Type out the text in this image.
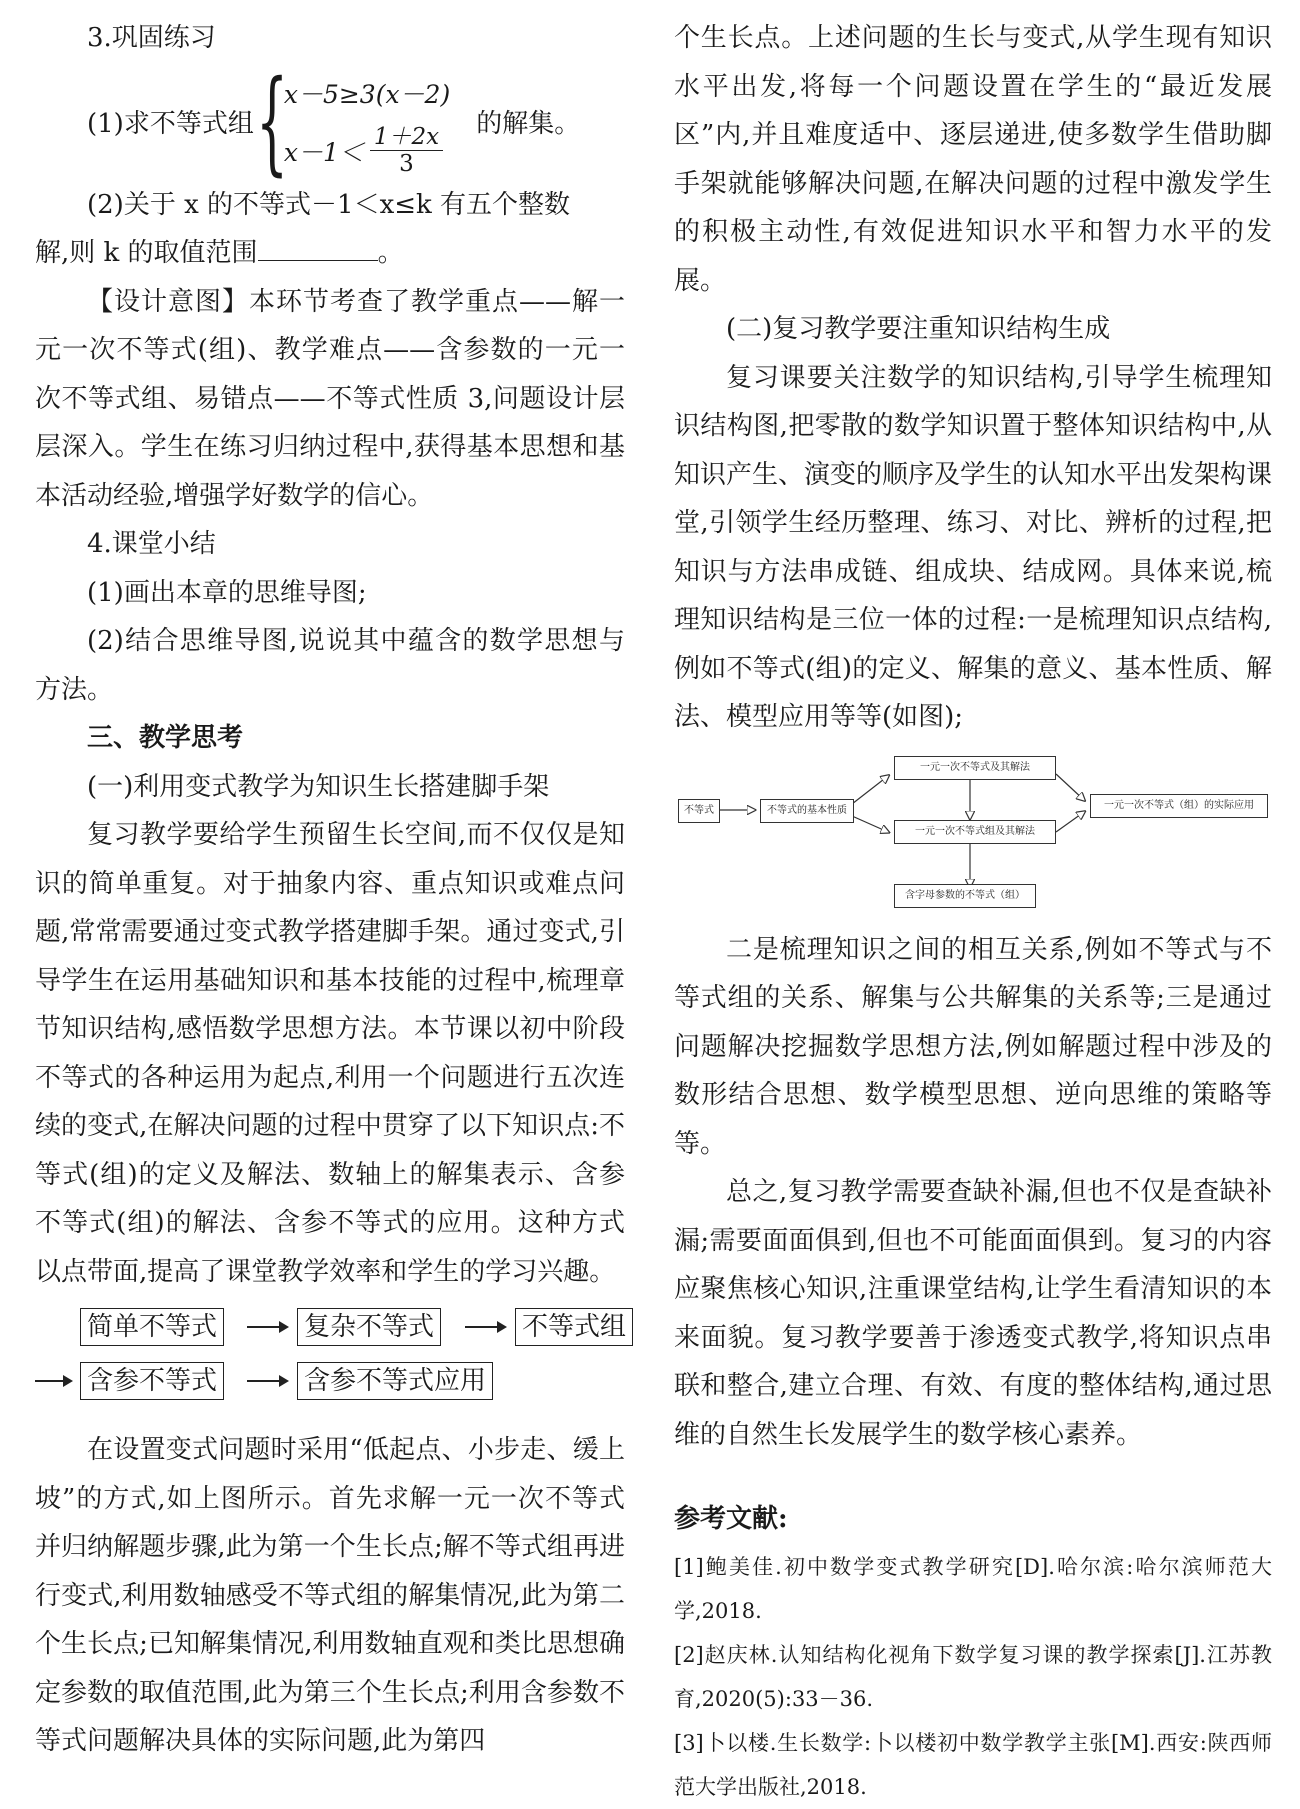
3.巩固练习

(1)求不等式组 {
x－5≥3(x－2)
$x-1< \frac{1+2x}{3}$ 的解集。

(2)关于 x 的不等式－1＜x≤k 有五个整数

解,则 k 的取值范围	。

【设计意图】本环节考查了教学重点——解一元一次不等式(组)、教学难点——含参数的一元一次不等式组、易错点——不等式性质 3,问题设计层层深入。学生在练习归纳过程中,获得基本思想和基本活动经验,增强学好数学的信心。

4.课堂小结

(1)画出本章的思维导图;

(2)结合思维导图,说说其中蕴含的数学思想与方法。

三、教学思考

(一)利用变式教学为知识生长搭建脚手架

复习教学要给学生预留生长空间,而不仅仅是知识的简单重复。对于抽象内容、重点知识或难点问题,常常需要通过变式教学搭建脚手架。通过变式,引导学生在运用基础知识和基本技能的过程中,梳理章节知识结构,感悟数学思想方法。本节课以初中阶段不等式的各种运用为起点,利用一个问题进行五次连续的变式,在解决问题的过程中贯穿了以下知识点:不等式(组)的定义及解法、数轴上的解集表示、含参不等式(组)的解法、含参不等式的应用。这种方式以点带面,提高了课堂教学效率和学生的学习兴趣。

简单不等式	复杂不等式	不等式组
含参不等式	含参不等式应用

在设置变式问题时采用“低起点、小步走、缓上坡”的方式,如上图所示。首先求解一元一次不等式并归纳解题步骤,此为第一个生长点;解不等式组再进行变式,利用数轴感受不等式组的解集情况,此为第二个生长点;已知解集情况,利用数轴直观和类比思想确定参数的取值范围,此为第三个生长点;利用含参数不等式问题解决具体的实际问题,此为第四

个生长点。上述问题的生长与变式,从学生现有知识水平出发,将每一个问题设置在学生的“最近发展区”内,并且难度适中、逐层递进,使多数学生借助脚手架就能够解决问题,在解决问题的过程中激发学生的积极主动性,有效促进知识水平和智力水平的发展。

(二)复习教学要注重知识结构生成

复习课要关注数学的知识结构,引导学生梳理知识结构图,把零散的数学知识置于整体知识结构中,从知识产生、演变的顺序及学生的认知水平出发架构课堂,引领学生经历整理、练习、对比、辨析的过程,把知识与方法串成链、组成块、结成网。具体来说,梳理知识结构是三位一体的过程:一是梳理知识点结构,例如不等式(组)的定义、解集的意义、基本性质、解法、模型应用等等(如图);

不等式	不等式的基本性质
一元一次不等式及其解法
一元一次不等式组及其解法
一元一次不等式（组）的实际应用
含字母参数的不等式（组）

二是梳理知识之间的相互关系,例如不等式与不等式组的关系、解集与公共解集的关系等;三是通过问题解决挖掘数学思想方法,例如解题过程中涉及的数形结合思想、数学模型思想、逆向思维的策略等等。

总之,复习教学需要查缺补漏,但也不仅是查缺补漏;需要面面俱到,但也不可能面面俱到。复习的内容应聚焦核心知识,注重课堂结构,让学生看清知识的本来面貌。复习教学要善于渗透变式教学,将知识点串联和整合,建立合理、有效、有度的整体结构,通过思维的自然生长发展学生的数学核心素养。

参考文献:
[1]鲍美佳.初中数学变式教学研究[D].哈尔滨:哈尔滨师范大学,2018.
[2]赵庆林.认知结构化视角下数学复习课的教学探索[J].江苏教育,2020(5):33－36.
[3]卜以楼.生长数学:卜以楼初中数学教学主张[M].西安:陕西师范大学出版社,2018.
